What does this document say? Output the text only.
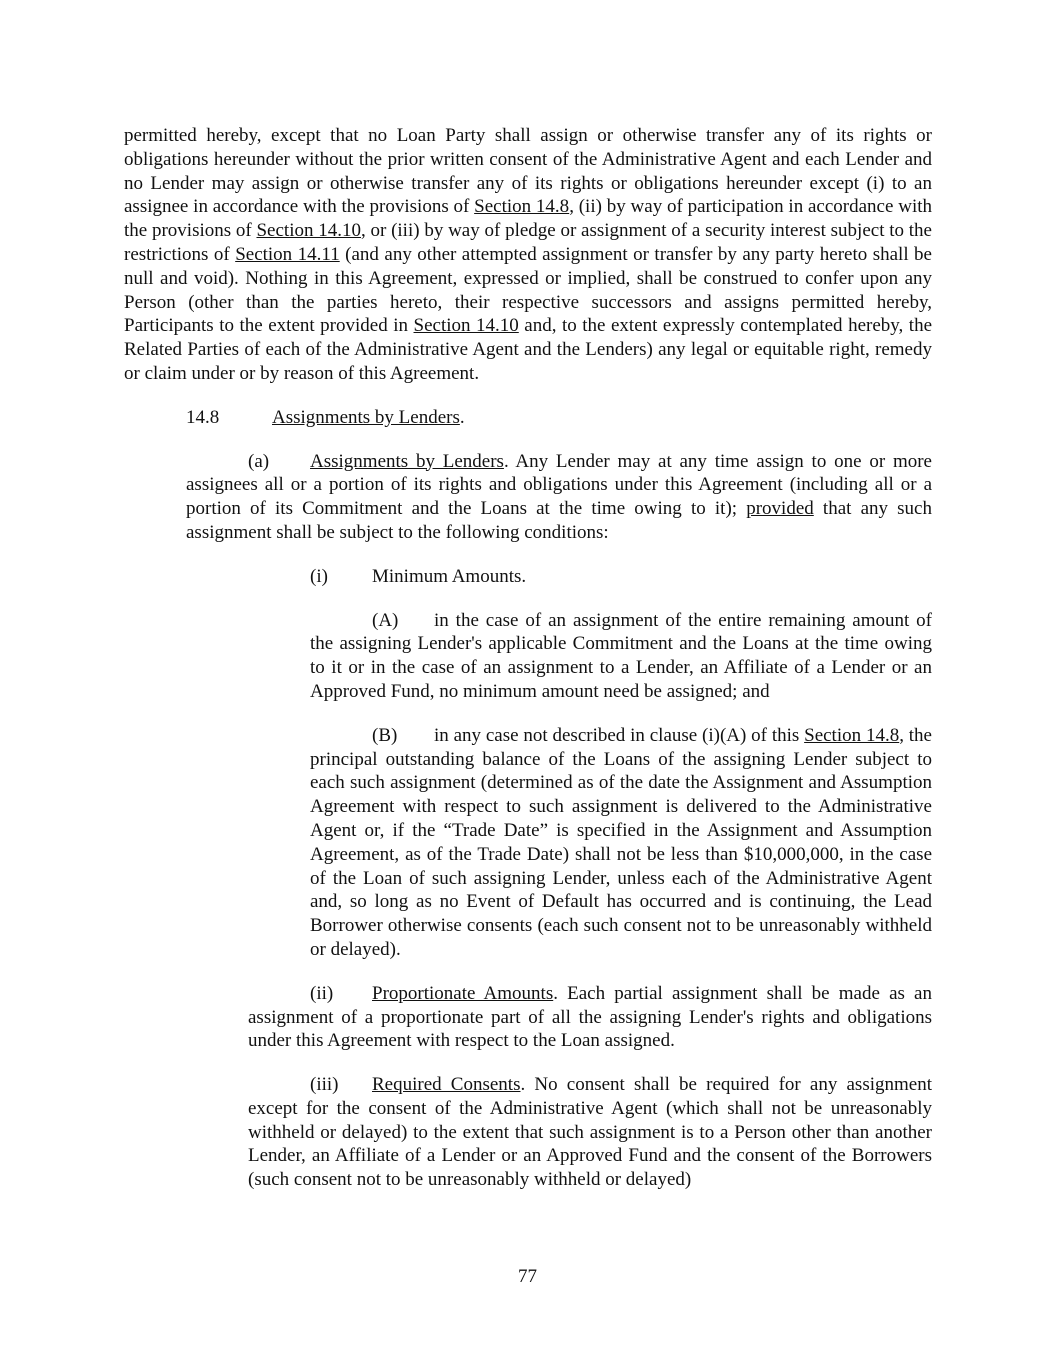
permitted hereby, except that no Loan Party shall assign or otherwise transfer any of its rights or obligations hereunder without the prior written consent of the Administrative Agent and each Lender and no Lender may assign or otherwise transfer any of its rights or obligations hereunder except (i) to an assignee in accordance with the provisions of Section 14.8, (ii) by way of participation in accordance with the provisions of Section 14.10, or (iii) by way of pledge or assignment of a security interest subject to the restrictions of Section 14.11 (and any other attempted assignment or transfer by any party hereto shall be null and void). Nothing in this Agreement, expressed or implied, shall be construed to confer upon any Person (other than the parties hereto, their respective successors and assigns permitted hereby, Participants to the extent provided in Section 14.10 and, to the extent expressly contemplated hereby, the Related Parties of each of the Administrative Agent and the Lenders) any legal or equitable right, remedy or claim under or by reason of this Agreement.

14.8	Assignments by Lenders.

(a) Assignments by Lenders. Any Lender may at any time assign to one or more assignees all or a portion of its rights and obligations under this Agreement (including all or a portion of its Commitment and the Loans at the time owing to it); provided that any such assignment shall be subject to the following conditions:

(i) Minimum Amounts.

(A) in the case of an assignment of the entire remaining amount of the assigning Lender's applicable Commitment and the Loans at the time owing to it or in the case of an assignment to a Lender, an Affiliate of a Lender or an Approved Fund, no minimum amount need be assigned; and

(B) in any case not described in clause (i)(A) of this Section 14.8, the principal outstanding balance of the Loans of the assigning Lender subject to each such assignment (determined as of the date the Assignment and Assumption Agreement with respect to such assignment is delivered to the Administrative Agent or, if the “Trade Date” is specified in the Assignment and Assumption Agreement, as of the Trade Date) shall not be less than $10,000,000, in the case of the Loan of such assigning Lender, unless each of the Administrative Agent and, so long as no Event of Default has occurred and is continuing, the Lead Borrower otherwise consents (each such consent not to be unreasonably withheld or delayed).

(ii) Proportionate Amounts. Each partial assignment shall be made as an assignment of a proportionate part of all the assigning Lender's rights and obligations under this Agreement with respect to the Loan assigned.

(iii) Required Consents. No consent shall be required for any assignment except for the consent of the Administrative Agent (which shall not be unreasonably withheld or delayed) to the extent that such assignment is to a Person other than another Lender, an Affiliate of a Lender or an Approved Fund and the consent of the Borrowers (such consent not to be unreasonably withheld or delayed)

77
